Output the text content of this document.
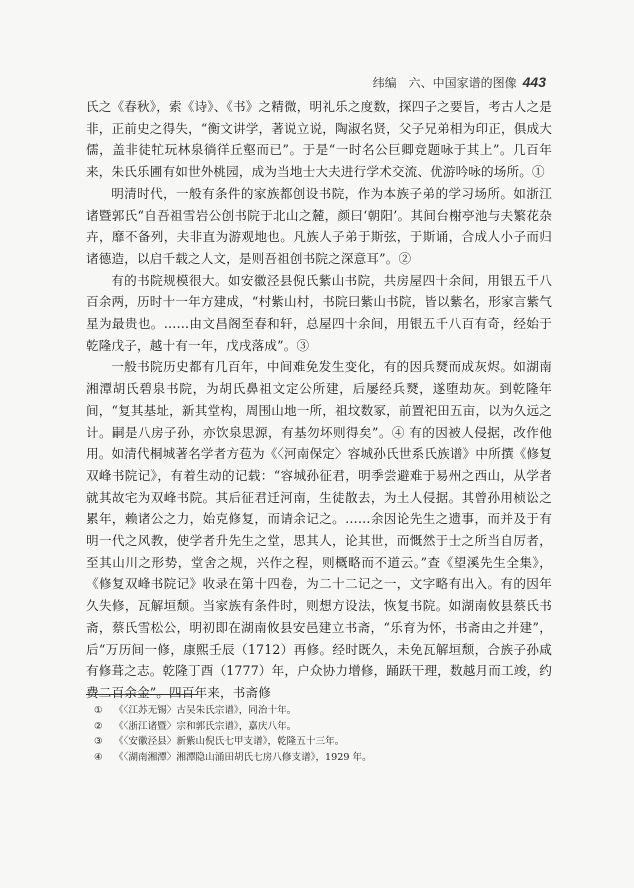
纬编　六、中国家谱的图像 443

氏之《春秋》，索《诗》、《书》之精微，明礼乐之度数，探四子之要旨，考古人之是非，正前史之得失，“衡文讲学，著说立说，陶淑名贤，父子兄弟相为印正，俱成大儒，盖非徒牤玩林泉徜徉丘壑而已”。于是“一时名公巨卿竞题咏于其上”。几百年来，朱氏乐圃有如世外桃园，成为当地士大夫进行学术交流、优游吟咏的场所。①

明清时代，一般有条件的家族都创设书院，作为本族子弟的学习场所。如浙江诸暨郭氏“自吾祖雪岩公创书院于北山之麓，颜曰‘朝阳’。其间台榭亭池与夫繁花杂卉，靡不备列，夫非直为游观地也。凡族人子弟于斯弦，于斯诵，合成人小子而归诸德造，以启千载之人文，是则吾祖创书院之深意耳”。②

有的书院规模很大。如安徽泾县倪氏紫山书院，共房屋四十余间，用银五千八百余两，历时十一年方建成，“村紫山村，书院曰紫山书院，皆以紫名，形家言紫气星为最贵也。……由文昌阁至春和轩，总屋四十余间，用银五千八百有奇，经始于乾隆戊子，越十有一年，戊戌落成”。③

一般书院历史都有几百年，中间难免发生变化，有的因兵燹而成灰烬。如湖南湘潭胡氏碧泉书院，为胡氏鼻祖文定公所建，后屡经兵燹，遂堕劫灰。到乾隆年间，“复其基址，新其堂构，周围山地一所，祖坟数冢，前置祀田五亩，以为久远之计。嗣是八房子孙，亦饮泉思源，有基勿坏则得矣”。④ 有的因被人侵据，改作他用。如清代桐城著名学者方苞为《〈河南保定〉容城孙氏世系氏族谱》中所撰《修复双峰书院记》，有着生动的记载：“容城孙征君，明季尝避难于易州之西山，从学者就其故宅为双峰书院。其后征君迁河南，生徒散去，为土人侵据。其曾孙用桢讼之累年，赖诸公之力，始克修复，而请余记之。……余因论先生之遗事，而并及于有明一代之风教，使学者升先生之堂，思其人，论其世，而慨然于士之所当自厉者，至其山川之形势，堂舍之规，兴作之程，则概略而不道云。”查《望溪先生全集》，《修复双峰书院记》收录在第十四卷，为二十二记之一，文字略有出入。有的因年久失修，瓦解垣颓。当家族有条件时，则想方设法，恢复书院。如湖南攸县蔡氏书斋，蔡氏雪松公，明初即在湖南攸县安邑建立书斋，“乐育为怀，书斋由之并建”，后“万历间一修，康熙壬辰（1712）再修。经时既久，未免瓦解垣颓，合族子孙咸有修葺之志。乾隆丁酉（1777）年，户众协力增修，踊跃干理，数越月而工竣，约费二百余金”。四百年来，书斋修

①	《〈江苏无锡〉古吴朱氏宗谱》，同治十年。
②	《〈浙江诸暨〉宗和郭氏宗谱》，嘉庆八年。
③	《〈安徽泾县〉新紫山倪氏七甲支谱》，乾隆五十三年。
④	《〈湖南湘潭〉湘潭隐山涌田胡氏七房八修支谱》，1929 年。
